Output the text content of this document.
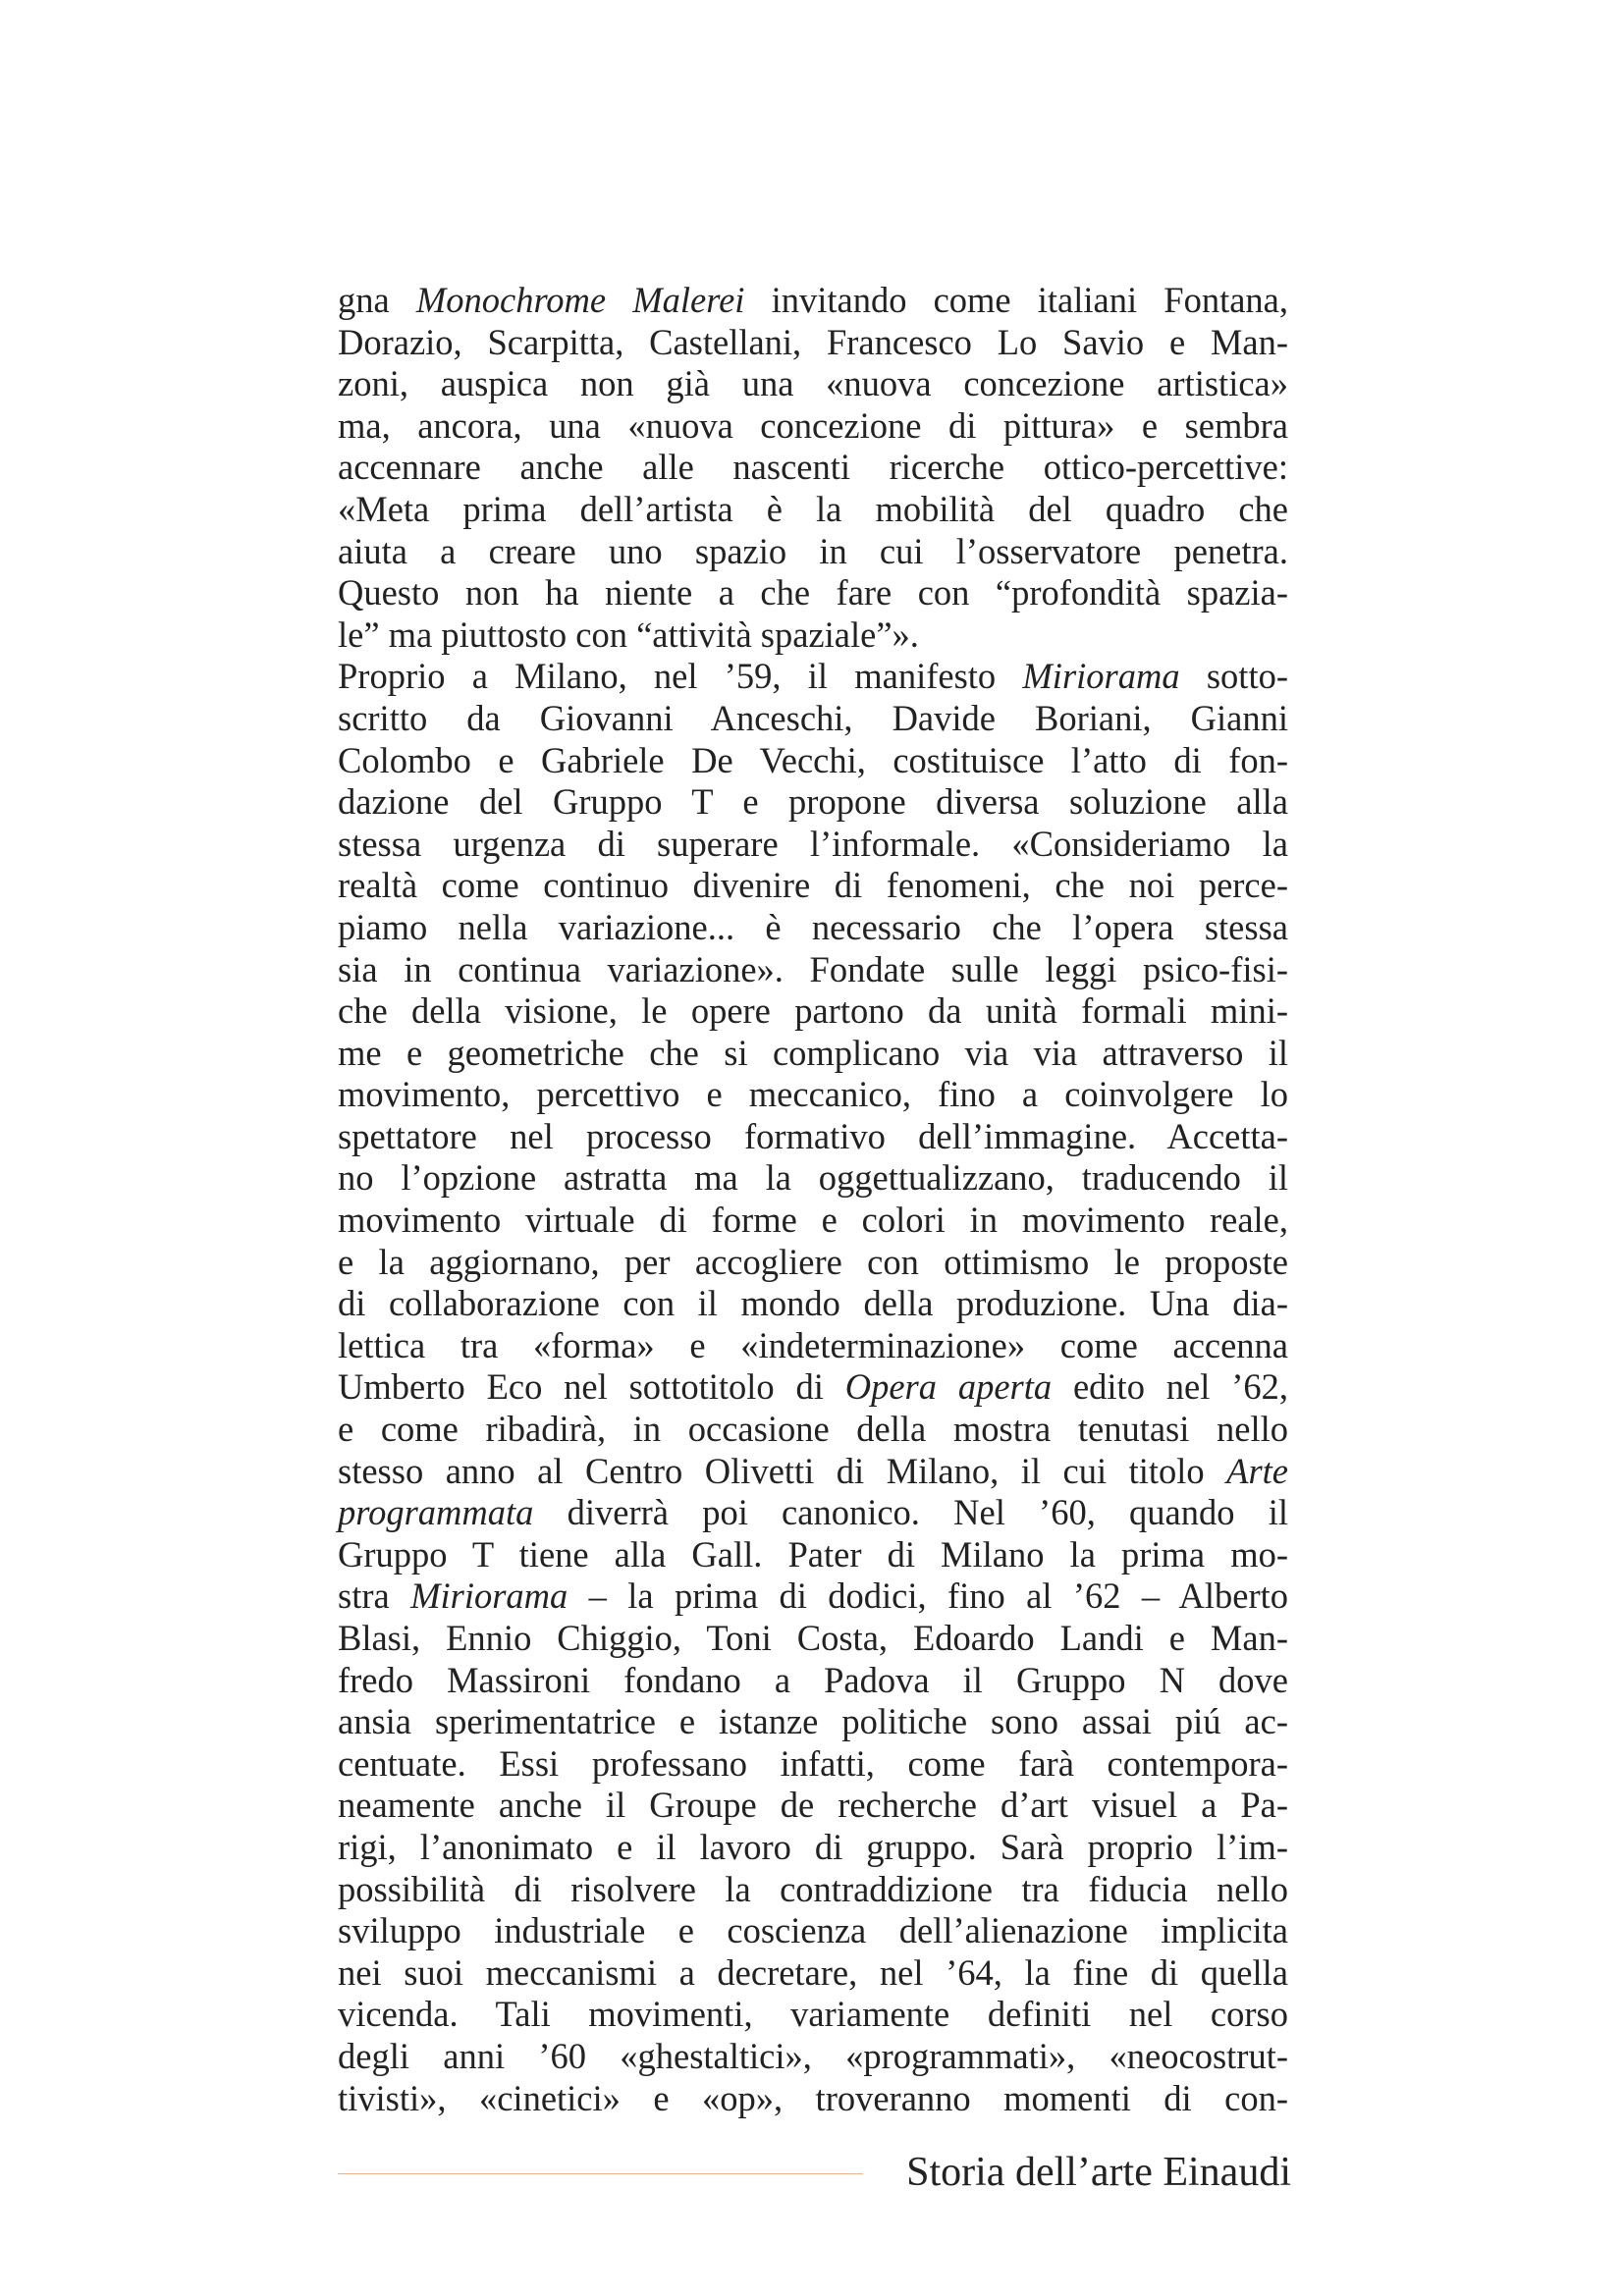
gna Monochrome Malerei invitando come italiani Fontana,
Dorazio, Scarpitta, Castellani, Francesco Lo Savio e Man-
zoni, auspica non già una «nuova concezione artistica»
ma, ancora, una «nuova concezione di pittura» e sembra
accennare anche alle nascenti ricerche ottico-percettive:
«Meta prima dell’artista è la mobilità del quadro che
aiuta a creare uno spazio in cui l’osservatore penetra.
Questo non ha niente a che fare con “profondità spazia-
le” ma piuttosto con “attività spaziale”».
Proprio a Milano, nel ’59, il manifesto Miriorama sotto-
scritto da Giovanni Anceschi, Davide Boriani, Gianni
Colombo e Gabriele De Vecchi, costituisce l’atto di fon-
dazione del Gruppo T e propone diversa soluzione alla
stessa urgenza di superare l’informale. «Consideriamo la
realtà come continuo divenire di fenomeni, che noi perce-
piamo nella variazione... è necessario che l’opera stessa
sia in continua variazione». Fondate sulle leggi psico-fisi-
che della visione, le opere partono da unità formali mini-
me e geometriche che si complicano via via attraverso il
movimento, percettivo e meccanico, fino a coinvolgere lo
spettatore nel processo formativo dell’immagine. Accetta-
no l’opzione astratta ma la oggettualizzano, traducendo il
movimento virtuale di forme e colori in movimento reale,
e la aggiornano, per accogliere con ottimismo le proposte
di collaborazione con il mondo della produzione. Una dia-
lettica tra «forma» e «indeterminazione» come accenna
Umberto Eco nel sottotitolo di Opera aperta edito nel ’62,
e come ribadirà, in occasione della mostra tenutasi nello
stesso anno al Centro Olivetti di Milano, il cui titolo Arte
programmata diverrà poi canonico. Nel ’60, quando il
Gruppo T tiene alla Gall. Pater di Milano la prima mo-
stra Miriorama – la prima di dodici, fino al ’62 – Alberto
Blasi, Ennio Chiggio, Toni Costa, Edoardo Landi e Man-
fredo Massironi fondano a Padova il Gruppo N dove
ansia sperimentatrice e istanze politiche sono assai piú ac-
centuate. Essi professano infatti, come farà contempora-
neamente anche il Groupe de recherche d’art visuel a Pa-
rigi, l’anonimato e il lavoro di gruppo. Sarà proprio l’im-
possibilità di risolvere la contraddizione tra fiducia nello
sviluppo industriale e coscienza dell’alienazione implicita
nei suoi meccanismi a decretare, nel ’64, la fine di quella
vicenda. Tali movimenti, variamente definiti nel corso
degli anni ’60 «ghestaltici», «programmati», «neocostrut-
tivisti», «cinetici» e «op», troveranno momenti di con-
Storia dell’arte Einaudi
